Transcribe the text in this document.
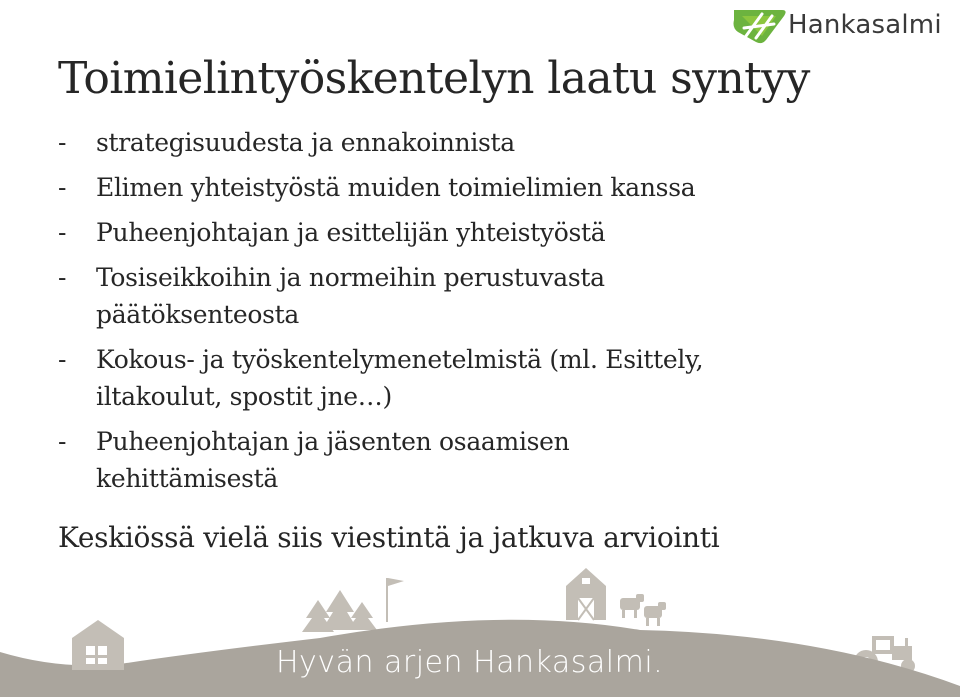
Hankasalmi
Toimielintyöskentelyn laatu syntyy
-	strategisuudesta ja ennakoinnista
-	Elimen yhteistyöstä muiden toimielimien kanssa
-	Puheenjohtajan ja esittelijän yhteistyöstä
-	Tosiseikkoihin ja normeihin perustuvasta
päätöksenteosta
-	Kokous- ja työskentelymenetelmistä (ml. Esittely,
iltakoulut, spostit jne…)
-	Puheenjohtajan ja jäsenten osaamisen
kehittämisestä
Keskiössä vielä siis viestintä ja jatkuva arviointi
Hyvän arjen Hankasalmi.
